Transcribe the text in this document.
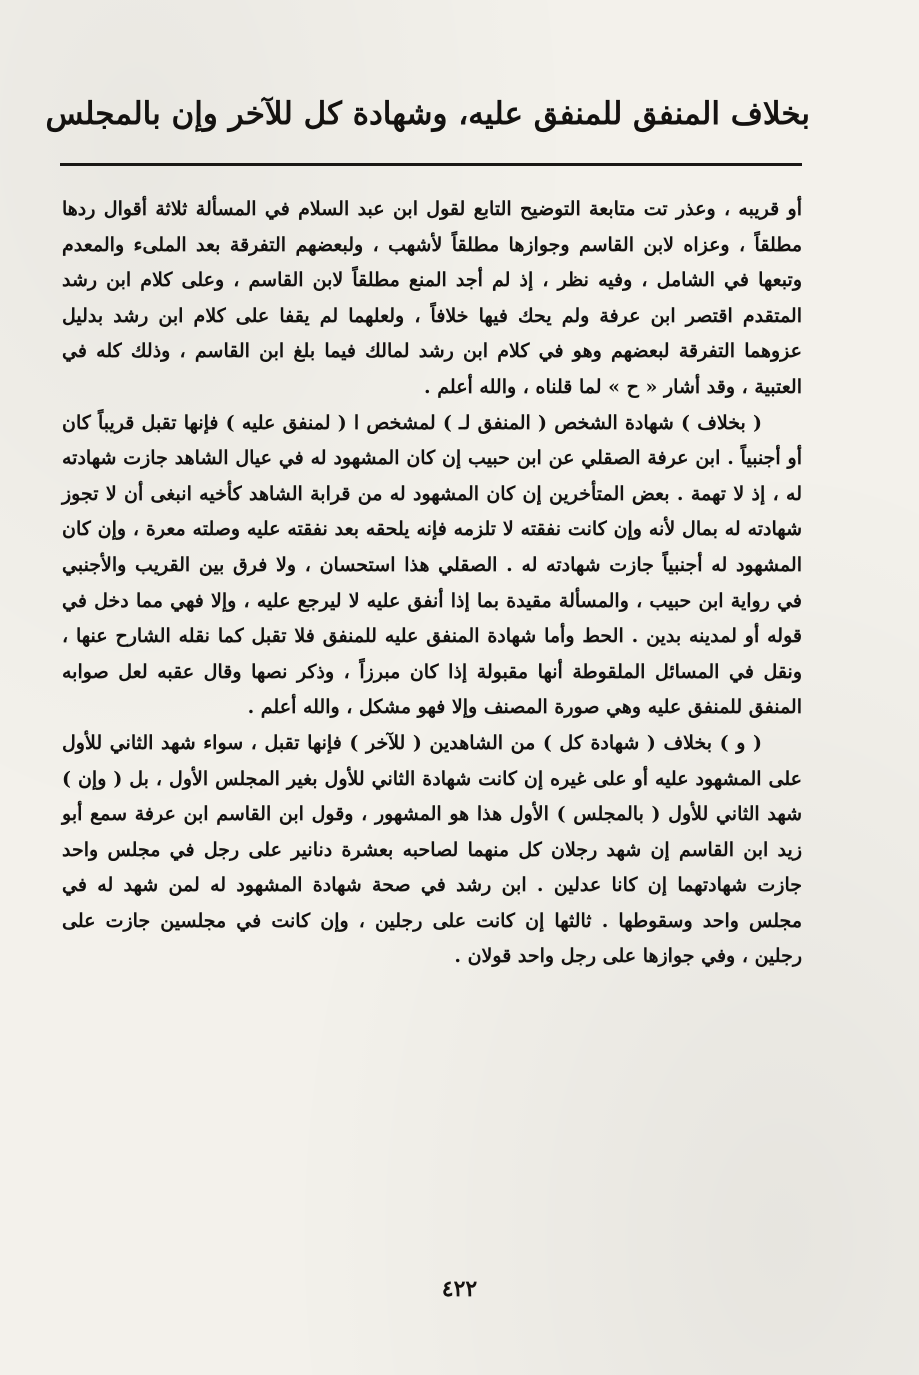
بخلاف المنفق للمنفق عليه، وشهادة كل للآخر وإن بالمجلس

أو قريبه ، وعذر تت متابعة التوضيح التابع لقول ابن عبد السلام في المسألة ثلاثة أقوال ردها مطلقاً ، وعزاه لابن القاسم وجوازها مطلقاً لأشهب ، ولبعضهم التفرقة بعد الملىء والمعدم وتبعها في الشامل ، وفيه نظر ، إذ لم أجد المنع مطلقاً لابن القاسم ، وعلى كلام ابن رشد المتقدم اقتصر ابن عرفة ولم يحك فيها خلافاً ، ولعلهما لم يقفا على كلام ابن رشد بدليل عزوهما التفرقة لبعضهم وهو في كلام ابن رشد لمالك فيما بلغ ابن القاسم ، وذلك كله في العتبية ، وقد أشار « ح » لما قلناه ، والله أعلم .

( بخلاف ) شهادة الشخص ( المنفق لـ ) لمشخص ا ( لمنفق عليه ) فإنها تقبل قريباً كان أو أجنبياً . ابن عرفة الصقلي عن ابن حبيب إن كان المشهود له في عيال الشاهد جازت شهادته له ، إذ لا تهمة . بعض المتأخرين إن كان المشهود له من قرابة الشاهد كأخيه انبغى أن لا تجوز شهادته له بمال لأنه وإن كانت نفقته لا تلزمه فإنه يلحقه بعد نفقته عليه وصلته معرة ، وإن كان المشهود له أجنبياً جازت شهادته له . الصقلي هذا استحسان ، ولا فرق بين القريب والأجنبي في رواية ابن حبيب ، والمسألة مقيدة بما إذا أنفق عليه لا ليرجع عليه ، وإلا فهي مما دخل في قوله أو لمدينه بدين . الحط وأما شهادة المنفق عليه للمنفق فلا تقبل كما نقله الشارح عنها ، ونقل في المسائل الملقوطة أنها مقبولة إذا كان مبرزاً ، وذكر نصها وقال عقبه لعل صوابه المنفق للمنفق عليه وهي صورة المصنف وإلا فهو مشكل ، والله أعلم .

( و ) بخلاف ( شهادة كل ) من الشاهدين ( للآخر ) فإنها تقبل ، سواء شهد الثاني للأول على المشهود عليه أو على غيره إن كانت شهادة الثاني للأول بغير المجلس الأول ، بل ( وإن ) شهد الثاني للأول ( بالمجلس ) الأول هذا هو المشهور ، وقول ابن القاسم ابن عرفة سمع أبو زيد ابن القاسم إن شهد رجلان كل منهما لصاحبه بعشرة دنانير على رجل في مجلس واحد جازت شهادتهما إن كانا عدلين . ابن رشد في صحة شهادة المشهود له لمن شهد له في مجلس واحد وسقوطها . ثالثها إن كانت على رجلين ، وإن كانت في مجلسين جازت على رجلين ، وفي جوازها على رجل واحد قولان .

٤٢٢
